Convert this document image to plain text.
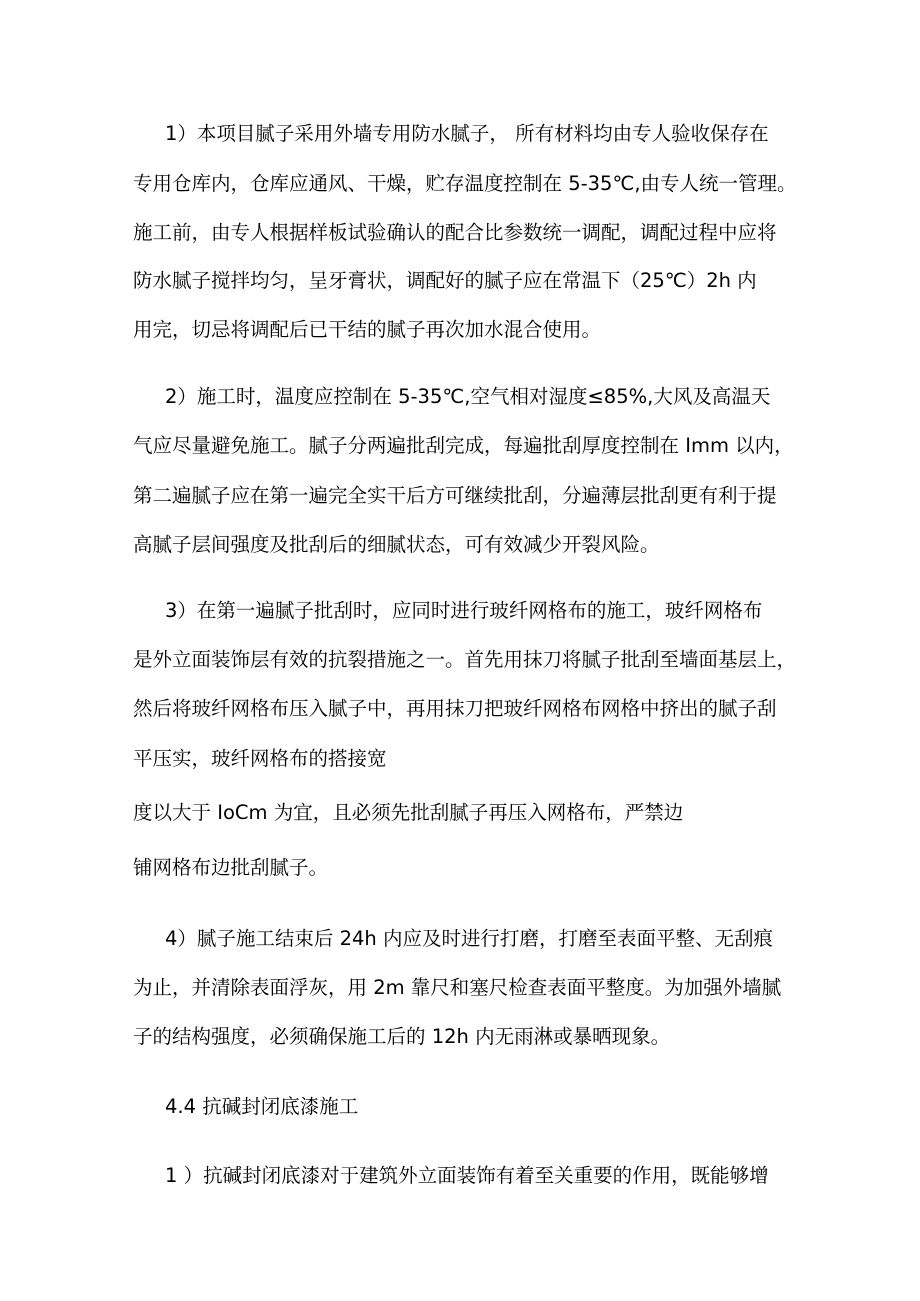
1）本项目腻子采用外墙专用防水腻子， 所有材料均由专人验收保存在
专用仓库内，仓库应通风、干燥，贮存温度控制在 5-35℃,由专人统一管理。
施工前，由专人根据样板试验确认的配合比参数统一调配，调配过程中应将
防水腻子搅拌均匀，呈牙膏状，调配好的腻子应在常温下（25℃）2h 内
用完，切忌将调配后已干结的腻子再次加水混合使用。
2）施工时，温度应控制在 5-35℃,空气相对湿度≤85%,大风及高温天
气应尽量避免施工。腻子分两遍批刮完成，每遍批刮厚度控制在 Imm 以内，
第二遍腻子应在第一遍完全实干后方可继续批刮，分遍薄层批刮更有利于提
高腻子层间强度及批刮后的细腻状态，可有效减少开裂风险。
3）在第一遍腻子批刮时，应同时进行玻纤网格布的施工，玻纤网格布
是外立面装饰层有效的抗裂措施之一。首先用抹刀将腻子批刮至墙面基层上，
然后将玻纤网格布压入腻子中，再用抹刀把玻纤网格布网格中挤出的腻子刮
平压实，玻纤网格布的搭接宽
度以大于 IoCm 为宜，且必须先批刮腻子再压入网格布，严禁边
铺网格布边批刮腻子。
4）腻子施工结束后 24h 内应及时进行打磨，打磨至表面平整、无刮痕
为止，并清除表面浮灰，用 2m 靠尺和塞尺检查表面平整度。为加强外墙腻
子的结构强度，必须确保施工后的 12h 内无雨淋或暴晒现象。
4.4 抗碱封闭底漆施工
1 ）抗碱封闭底漆对于建筑外立面装饰有着至关重要的作用，既能够增
